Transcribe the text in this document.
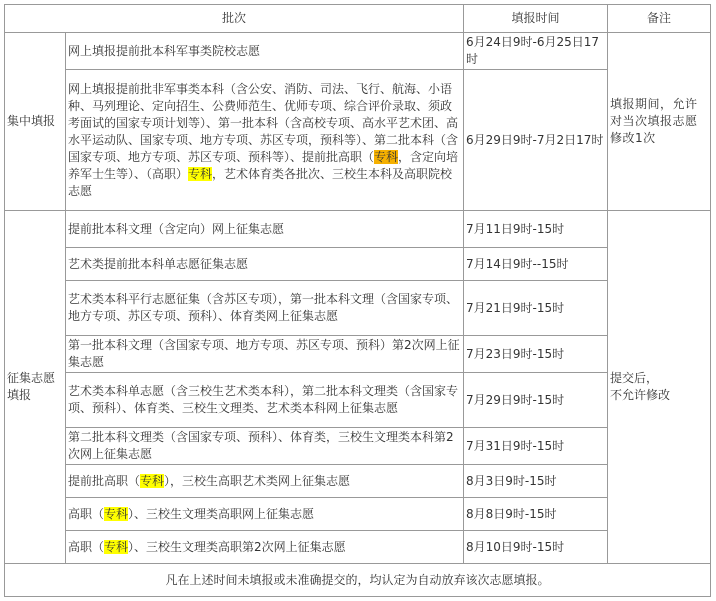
批次		填报时间	备注
集中填报	网上填报提前批本科军事类院校志愿	6月24日9时-6月25日17时	填报期间，允许对当次填报志愿修改1次
	网上填报提前批非军事类本科（含公安、消防、司法、飞行、航海、小语种、马列理论、定向招生、公费师范生、优师专项、综合评价录取、须政考面试的国家专项计划等）、第一批本科（含高校专项、高水平艺术团、高水平运动队、国家专项、地方专项、苏区专项，预科等）、第二批本科（含国家专项、地方专项、苏区专项、预科等）、提前批高职（专科，含定向培养军士生等）、（高职）专科，艺术体育类各批次、三校生本科及高职院校志愿	6月29日9时-7月2日17时	
征集志愿填报	提前批本科文理（含定向）网上征集志愿	7月11日9时-15时	提交后，
不允许修改
	艺术类提前批本科单志愿征集志愿	7月14日9时--15时	
	艺术类本科平行志愿征集（含苏区专项），第一批本科文理（含国家专项、地方专项、苏区专项、预科）、体育类网上征集志愿	7月21日9时-15时	
	第一批本科文理（含国家专项、地方专项、苏区专项、预科）第2次网上征集志愿	7月23日9时-15时	
	艺术类本科单志愿（含三校生艺术类本科），第二批本科文理类（含国家专项、预科）、体育类、三校生文理类、艺术类本科网上征集志愿	7月29日9时-15时	
	第二批本科文理类（含国家专项、预科）、体育类，三校生文理类本科第2次网上征集志愿	7月31日9时-15时	
	提前批高职（专科），三校生高职艺术类网上征集志愿	8月3日9时-15时	
	高职（专科）、三校生文理类高职网上征集志愿	8月8日9时-15时	
	高职（专科）、三校生文理类高职第2次网上征集志愿	8月10日9时-15时	
凡在上述时间未填报或未准确提交的，均认定为自动放弃该次志愿填报。			
